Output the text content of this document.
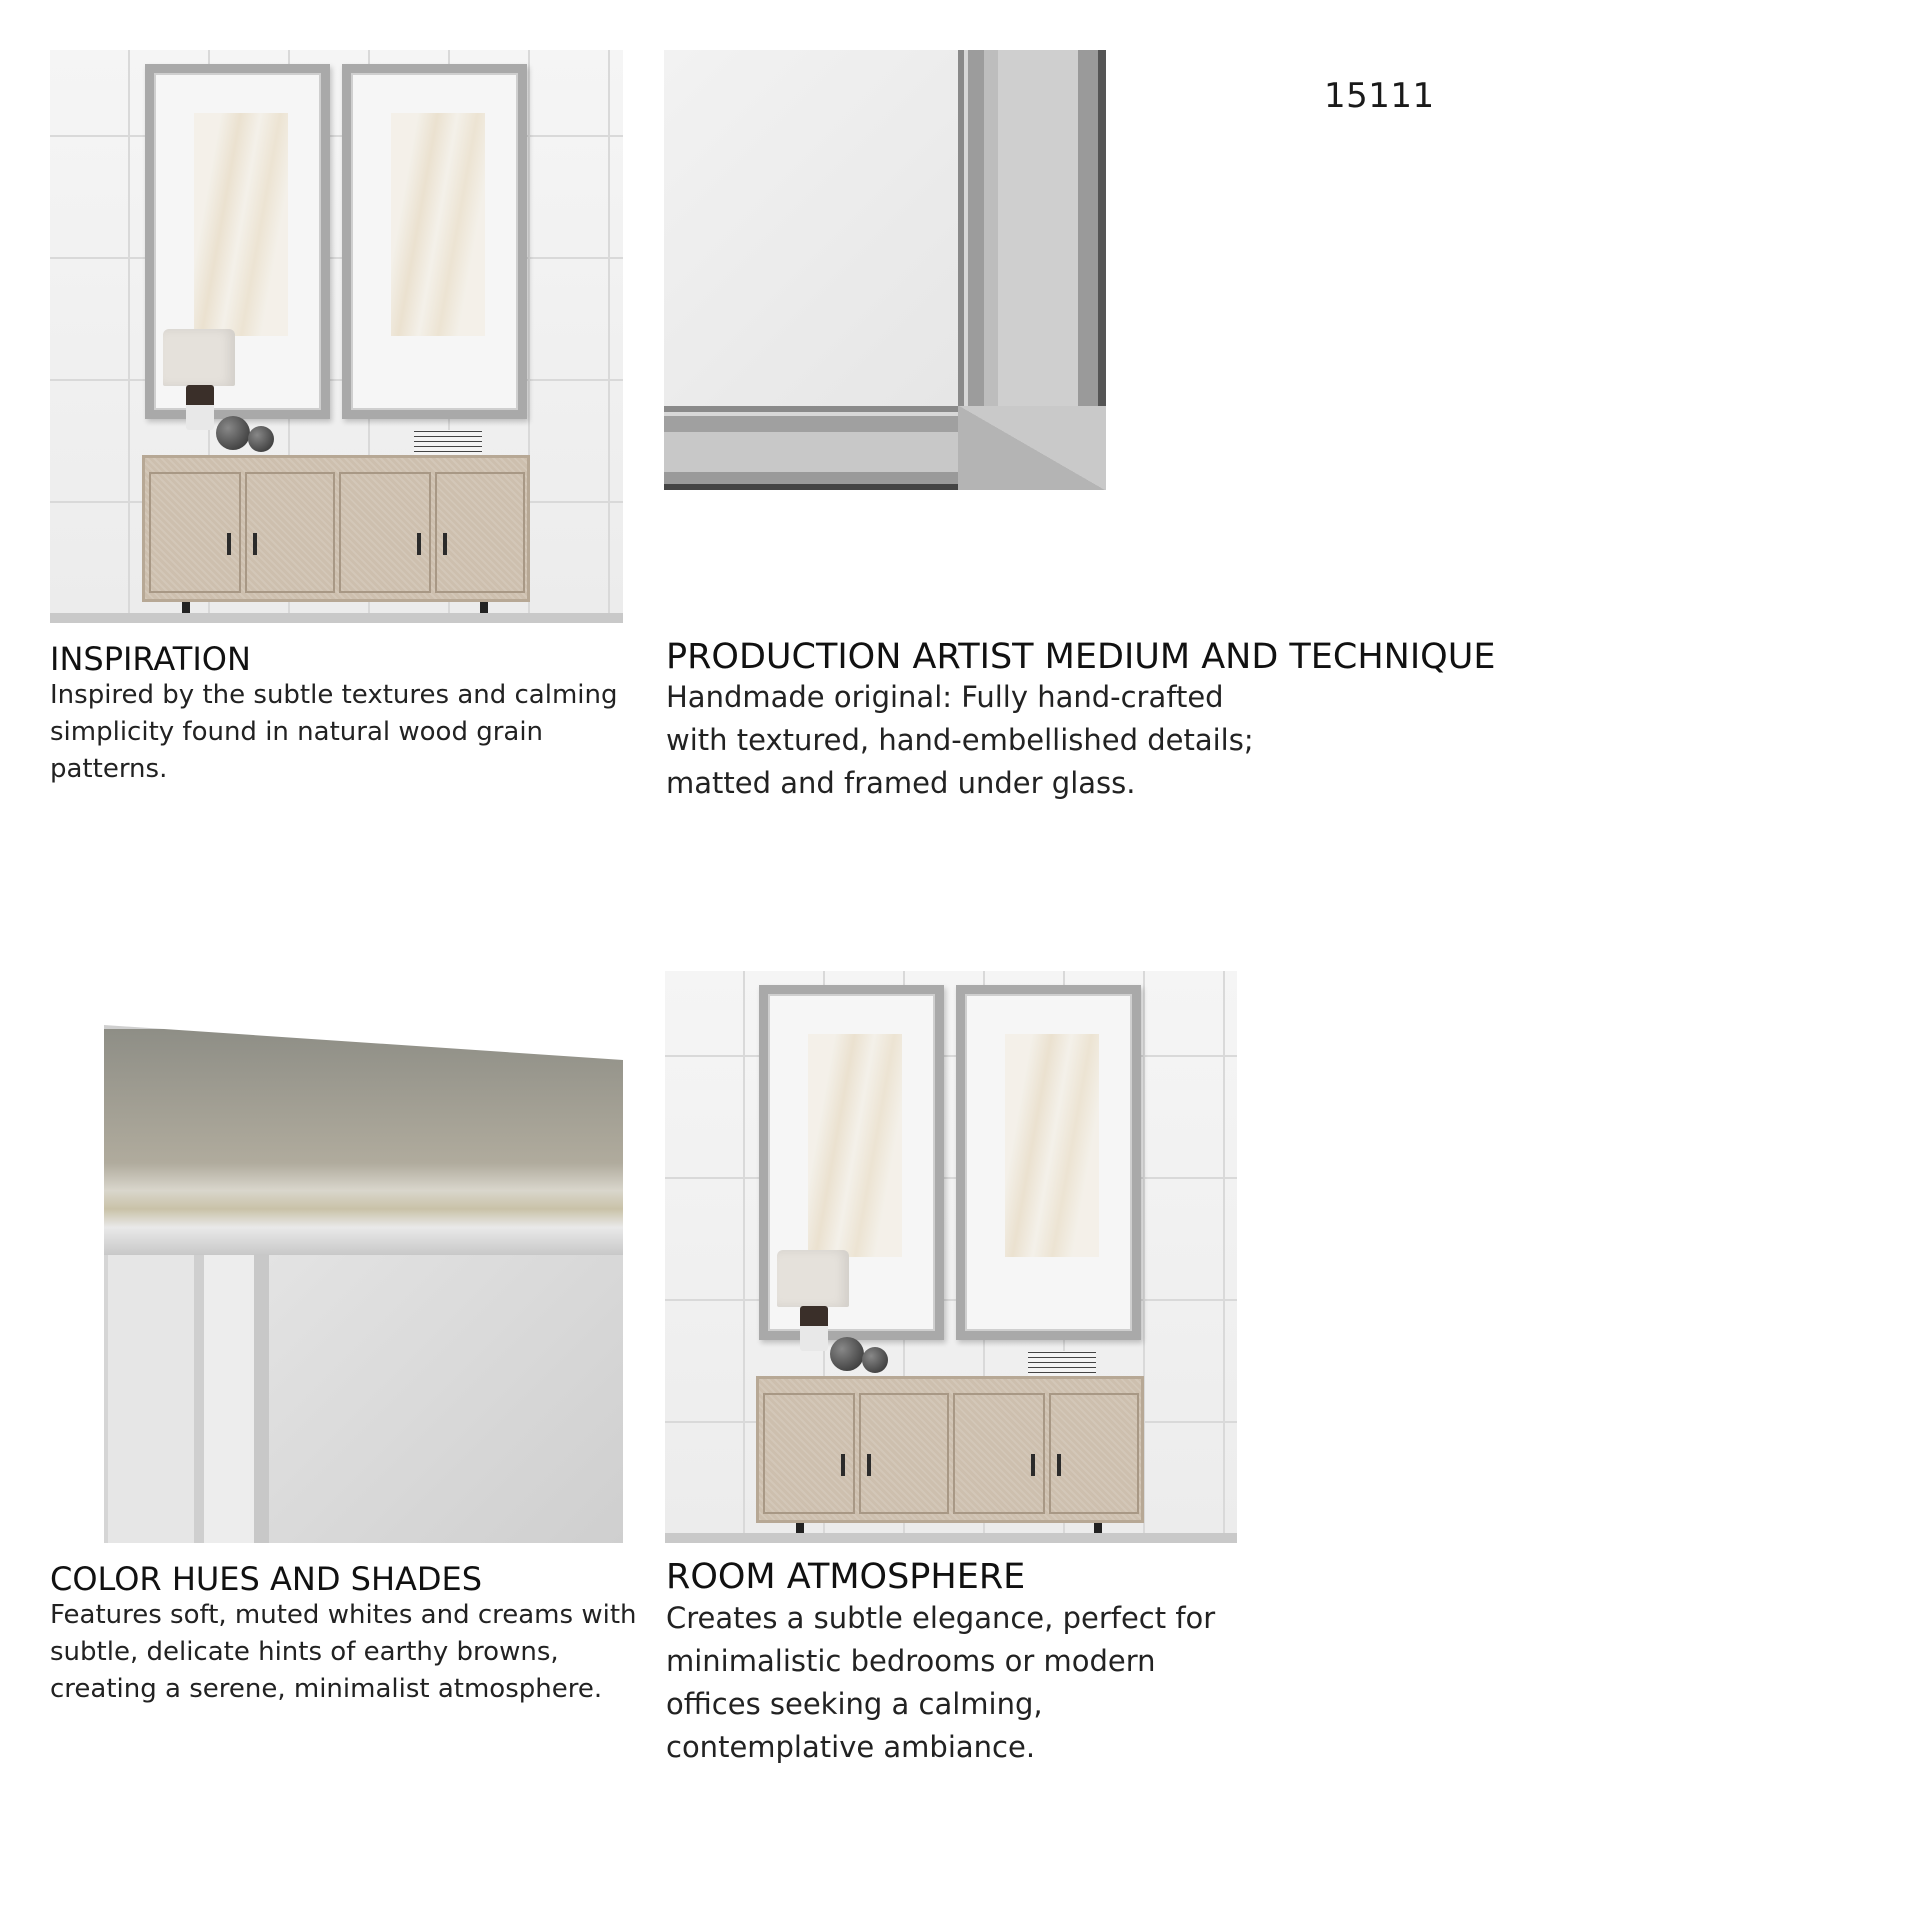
15111
INSPIRATION
Inspired by the subtle textures and calming
simplicity found in natural wood grain
patterns.
PRODUCTION ARTIST MEDIUM AND TECHNIQUE
Handmade original: Fully hand-crafted
with textured, hand-embellished details;
matted and framed under glass.
COLOR HUES AND SHADES
Features soft, muted whites and creams with
subtle, delicate hints of earthy browns,
creating a serene, minimalist atmosphere.
ROOM ATMOSPHERE
Creates a subtle elegance, perfect for
minimalistic bedrooms or modern
offices seeking a calming,
contemplative ambiance.
